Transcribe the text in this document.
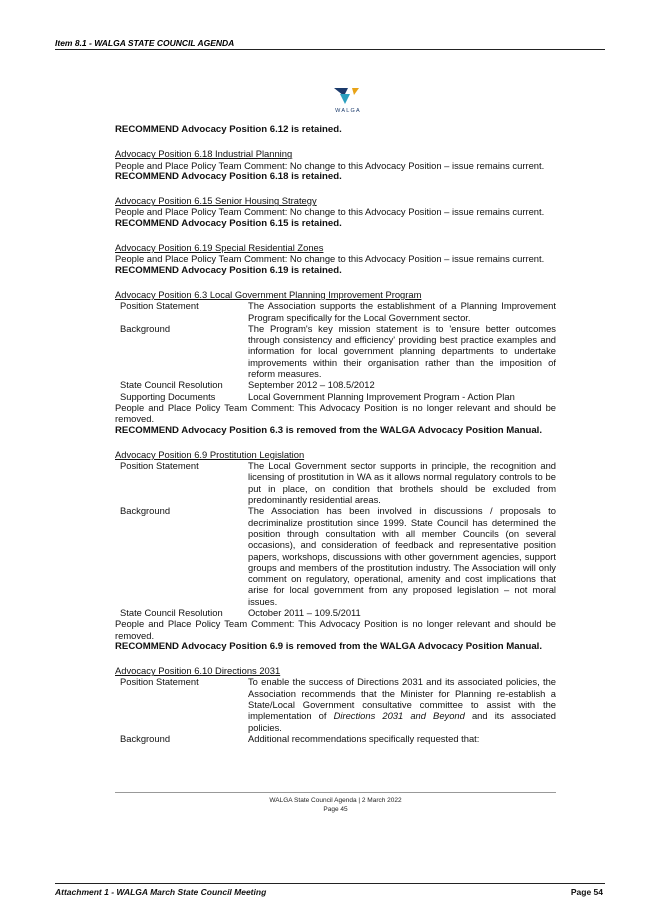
Item 8.1 - WALGA STATE COUNCIL AGENDA
WALGA
RECOMMEND Advocacy Position 6.12 is retained.
Advocacy Position 6.18 Industrial Planning
People and Place Policy Team Comment: No change to this Advocacy Position – issue remains current.
RECOMMEND Advocacy Position 6.18 is retained.
Advocacy Position 6.15 Senior Housing Strategy
People and Place Policy Team Comment: No change to this Advocacy Position – issue remains current.
RECOMMEND Advocacy Position 6.15 is retained.
Advocacy Position 6.19 Special Residential Zones
People and Place Policy Team Comment: No change to this Advocacy Position – issue remains current.
RECOMMEND Advocacy Position 6.19 is retained.
Advocacy Position 6.3 Local Government Planning Improvement Program
Position Statement	The Association supports the establishment of a Planning Improvement Program specifically for the Local Government sector.
Background	The Program's key mission statement is to 'ensure better outcomes through consistency and efficiency' providing best practice examples and information for local government planning departments to undertake improvements within their organisation rather than the imposition of reform measures.
State Council Resolution	September 2012 – 108.5/2012
Supporting Documents	Local Government Planning Improvement Program - Action Plan
People and Place Policy Team Comment: This Advocacy Position is no longer relevant and should be removed.
RECOMMEND Advocacy Position 6.3 is removed from the WALGA Advocacy Position Manual.
Advocacy Position 6.9 Prostitution Legislation
Position Statement	The Local Government sector supports in principle, the recognition and licensing of prostitution in WA as it allows normal regulatory controls to be put in place, on condition that brothels should be excluded from predominantly residential areas.
Background	The Association has been involved in discussions / proposals to decriminalize prostitution since 1999. State Council has determined the position through consultation with all member Councils (on several occasions), and consideration of feedback and representative position papers, workshops, discussions with other government agencies, support groups and members of the prostitution industry. The Association will only comment on regulatory, operational, amenity and cost implications that arise for local government from any proposed legislation – not moral issues.
State Council Resolution	October 2011 – 109.5/2011
People and Place Policy Team Comment: This Advocacy Position is no longer relevant and should be removed.
RECOMMEND Advocacy Position 6.9 is removed from the WALGA Advocacy Position Manual.
Advocacy Position 6.10 Directions 2031
Position Statement	To enable the success of Directions 2031 and its associated policies, the Association recommends that the Minister for Planning re-establish a State/Local Government consultative committee to assist with the implementation of Directions 2031 and Beyond and its associated policies.
Background	Additional recommendations specifically requested that:
WALGA State Council Agenda | 2 March 2022
Page 45
Attachment 1 - WALGA March State Council Meeting	Page 54
